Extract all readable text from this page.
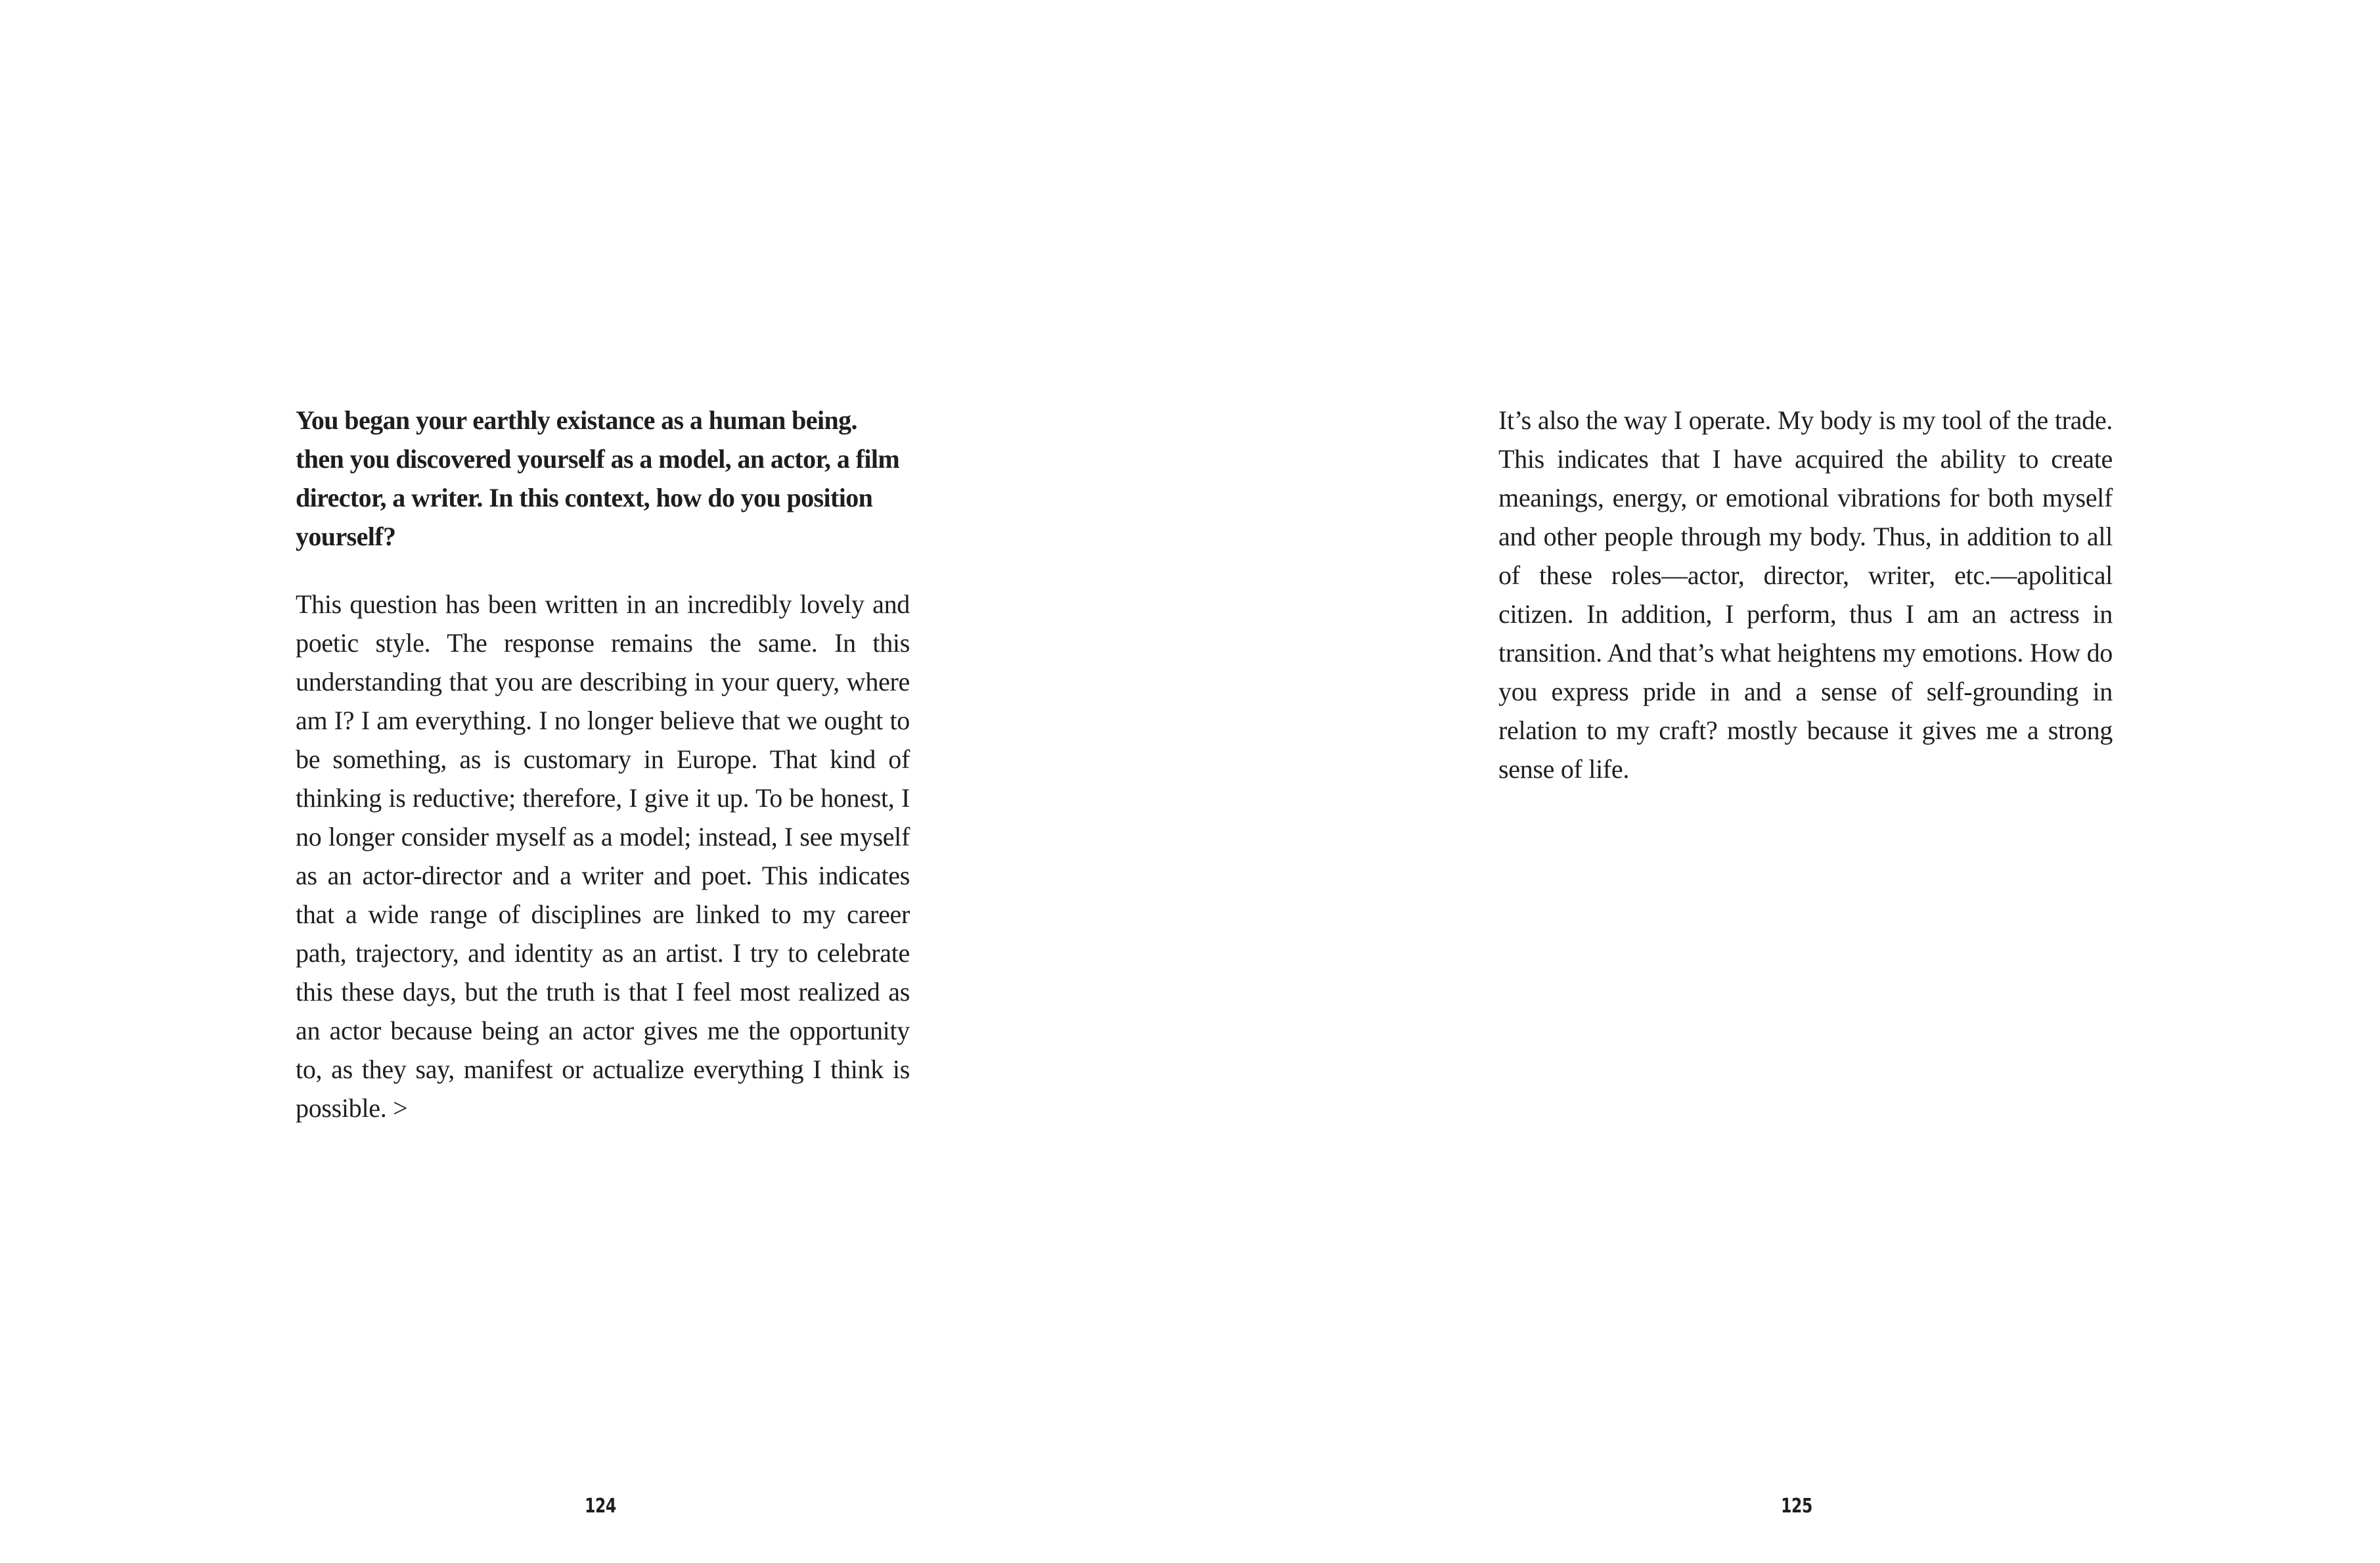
You began your earthly existance as a human being. then you discovered yourself as a model, an actor, a film director, a writer. In this context, how do you position yourself?

This question has been written in an incredibly lovely and poetic style. The response remains the same. In this understanding that you are describing in your query, where am I? I am everything. I no longer believe that we ought to be something, as is customary in Europe. That kind of thinking is reductive; therefore, I give it up. To be honest, I no longer consider myself as a model; instead, I see myself as an actor-director and a writer and poet. This indicates that a wide range of disciplines are linked to my career path, trajectory, and identity as an artist. I try to celebrate this these days, but the truth is that I feel most realized as an actor because being an actor gives me the opportunity to, as they say, manifest or actualize everything I think is possible. >

124

It’s also the way I operate. My body is my tool of the trade. This indicates that I have acquired the ability to create meanings, energy, or emotional vibrations for both myself and other people through my body. Thus, in addition to all of these roles—actor, director, writer, etc.—apolitical citizen. In addition, I perform, thus I am an actress in transition. And that’s what heightens my emotions. How do you express pride in and a sense of self-grounding in relation to my craft? mostly because it gives me a strong sense of life.

125
